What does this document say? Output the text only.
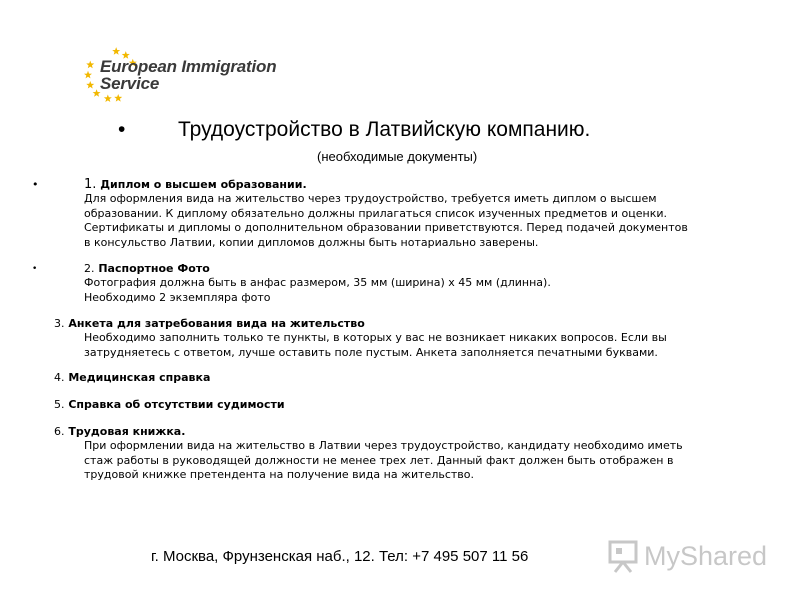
European Immigration
Service
•	Трудоустройство в Латвийскую компанию.
(необходимые документы)
•	1. Диплом о высшем образовании.
Для оформления вида на жительство через трудоустройство, требуется иметь диплом о высшем
образовании. К диплому обязательно должны прилагаться список изученных предметов и оценки.
Сертификаты и дипломы о дополнительном образовании приветствуются. Перед подачей документов
в консульство Латвии, копии дипломов должны быть нотариально заверены.
•	2. Паспортное Фото
Фотография должна быть в анфас размером, 35 мм (ширина) х 45 мм (длинна).
Необходимо 2 экземпляра фото
3. Анкета для затребования вида на жительство
Необходимо заполнить только те пункты, в которых у вас не возникает никаких вопросов. Если вы
затрудняетесь с ответом, лучше оставить поле пустым. Анкета заполняется печатными буквами.
4. Медицинская справка
5. Справка об отсутствии судимости
6. Трудовая книжка.
При оформлении вида на жительство в Латвии через трудоустройство, кандидату необходимо иметь
стаж работы в руководящей должности не менее трех лет. Данный факт должен быть отображен в
трудовой книжке претендента на получение вида на жительство.
г. Москва, Фрунзенская наб., 12. Тел: +7 495 507 11 56	MyShared
